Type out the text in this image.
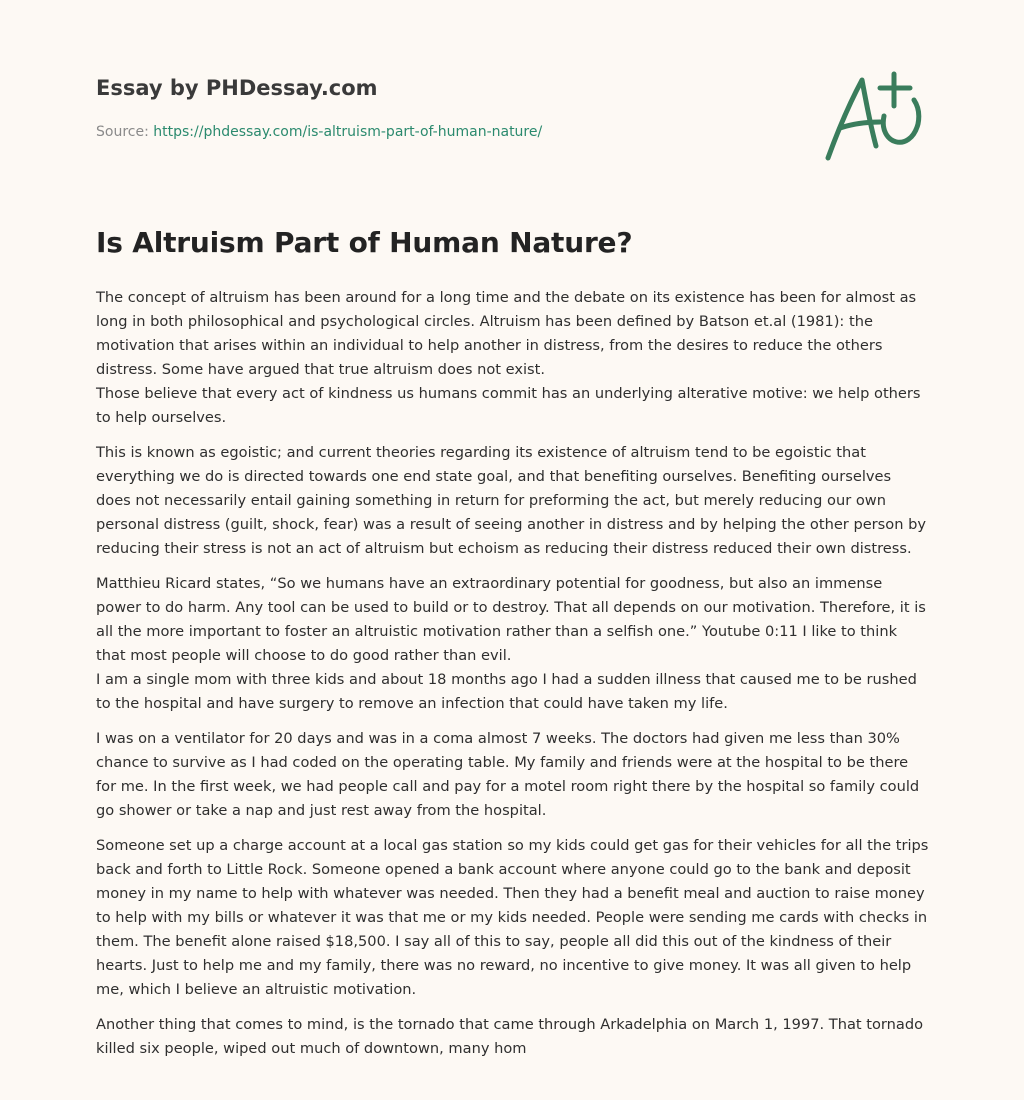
Essay by PHDessay.com
Source: https://phdessay.com/is-altruism-part-of-human-nature/
Is Altruism Part of Human Nature?

The concept of altruism has been around for a long time and the debate on its existence has been for almost as long in both philosophical and psychological circles. Altruism has been defined by Batson et.al (1981): the motivation that arises within an individual to help another in distress, from the desires to reduce the others distress. Some have argued that true altruism does not exist.
Those believe that every act of kindness us humans commit has an underlying alterative motive: we help others to help ourselves.

This is known as egoistic; and current theories regarding its existence of altruism tend to be egoistic that everything we do is directed towards one end state goal, and that benefiting ourselves. Benefiting ourselves does not necessarily entail gaining something in return for preforming the act, but merely reducing our own personal distress (guilt, shock, fear) was a result of seeing another in distress and by helping the other person by reducing their stress is not an act of altruism but echoism as reducing their distress reduced their own distress.

Matthieu Ricard states, “So we humans have an extraordinary potential for goodness, but also an immense power to do harm. Any tool can be used to build or to destroy. That all depends on our motivation. Therefore, it is all the more important to foster an altruistic motivation rather than a selfish one.” Youtube 0:11 I like to think that most people will choose to do good rather than evil.
I am a single mom with three kids and about 18 months ago I had a sudden illness that caused me to be rushed to the hospital and have surgery to remove an infection that could have taken my life.

I was on a ventilator for 20 days and was in a coma almost 7 weeks. The doctors had given me less than 30% chance to survive as I had coded on the operating table. My family and friends were at the hospital to be there for me. In the first week, we had people call and pay for a motel room right there by the hospital so family could go shower or take a nap and just rest away from the hospital.

Someone set up a charge account at a local gas station so my kids could get gas for their vehicles for all the trips back and forth to Little Rock. Someone opened a bank account where anyone could go to the bank and deposit money in my name to help with whatever was needed. Then they had a benefit meal and auction to raise money to help with my bills or whatever it was that me or my kids needed. People were sending me cards with checks in them. The benefit alone raised $18,500. I say all of this to say, people all did this out of the kindness of their hearts. Just to help me and my family, there was no reward, no incentive to give money. It was all given to help me, which I believe an altruistic motivation.

Another thing that comes to mind, is the tornado that came through Arkadelphia on March 1, 1997. That tornado killed six people, wiped out much of downtown, many hom
